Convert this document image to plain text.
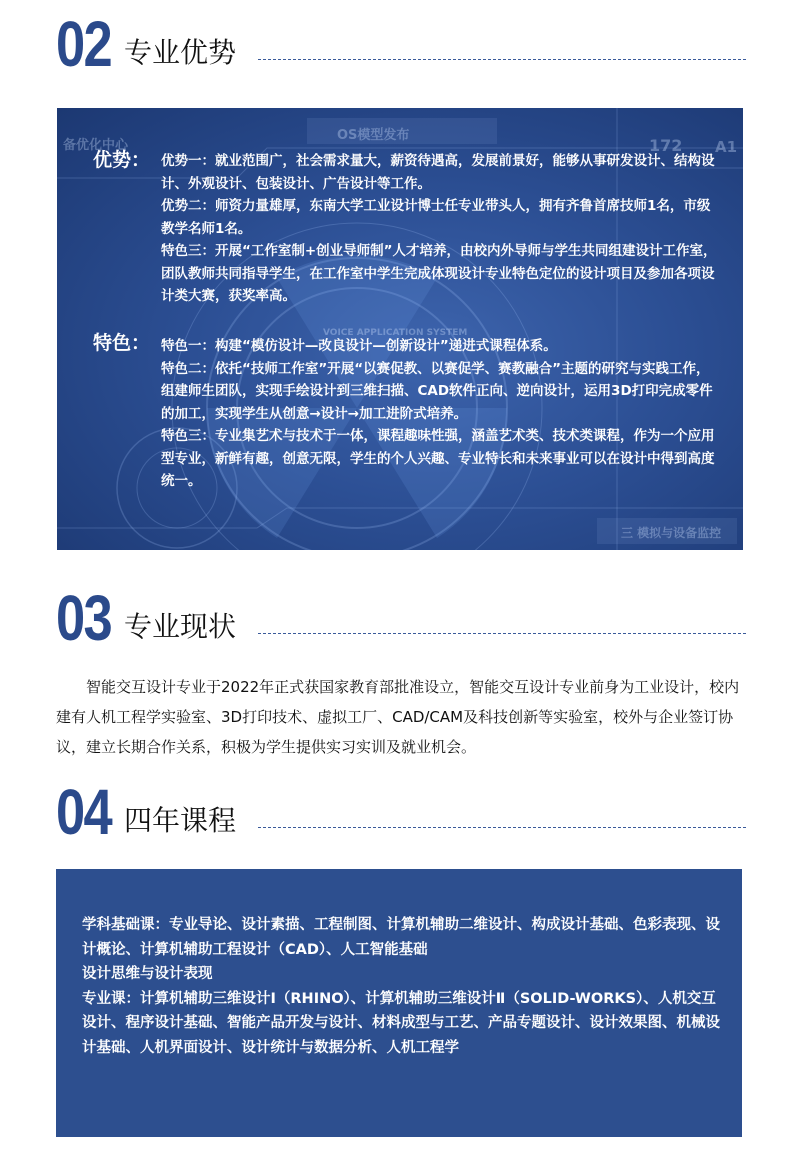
02 专业优势
备优化中心
OS模型发布
172 A1
VOICE APPLICATION SYSTEM
三 模拟与设备监控
优势： 优势一：就业范围广，社会需求量大，薪资待遇高，发展前景好，能够从事研发设计、结构设计、外观设计、包装设计、广告设计等工作。

优势二：师资力量雄厚，东南大学工业设计博士任专业带头人，拥有齐鲁首席技师1名，市级教学名师1名。

特色三：开展“工作室制+创业导师制”人才培养，由校内外导师与学生共同组建设计工作室，团队教师共同指导学生，在工作室中学生完成体现设计专业特色定位的设计项目及参加各项设计类大赛，获奖率高。

特色： 特色一：构建“模仿设计—改良设计—创新设计”递进式课程体系。

特色二：依托“技师工作室”开展“以赛促教、以赛促学、赛教融合”主题的研究与实践工作，组建师生团队，实现手绘设计到三维扫描、CAD软件正向、逆向设计，运用3D打印完成零件的加工，实现学生从创意→设计→加工进阶式培养。

特色三：专业集艺术与技术于一体，课程趣味性强，涵盖艺术类、技术类课程，作为一个应用型专业，新鲜有趣，创意无限，学生的个人兴趣、专业特长和未来事业可以在设计中得到高度统一。

03 专业现状

智能交互设计专业于2022年正式获国家教育部批准设立，智能交互设计专业前身为工业设计，校内建有人机工程学实验室、3D打印技术、虚拟工厂、CAD/CAM及科技创新等实验室，校外与企业签订协议，建立长期合作关系，积极为学生提供实习实训及就业机会。

04 四年课程

学科基础课：专业导论、设计素描、工程制图、计算机辅助二维设计、构成设计基础、色彩表现、设计概论、计算机辅助工程设计（CAD）、人工智能基础

设计思维与设计表现

专业课：计算机辅助三维设计Ⅰ（RHINO）、计算机辅助三维设计Ⅱ（SOLID-WORKS）、人机交互设计、程序设计基础、智能产品开发与设计、材料成型与工艺、产品专题设计、设计效果图、机械设计基础、人机界面设计、设计统计与数据分析、人机工程学
